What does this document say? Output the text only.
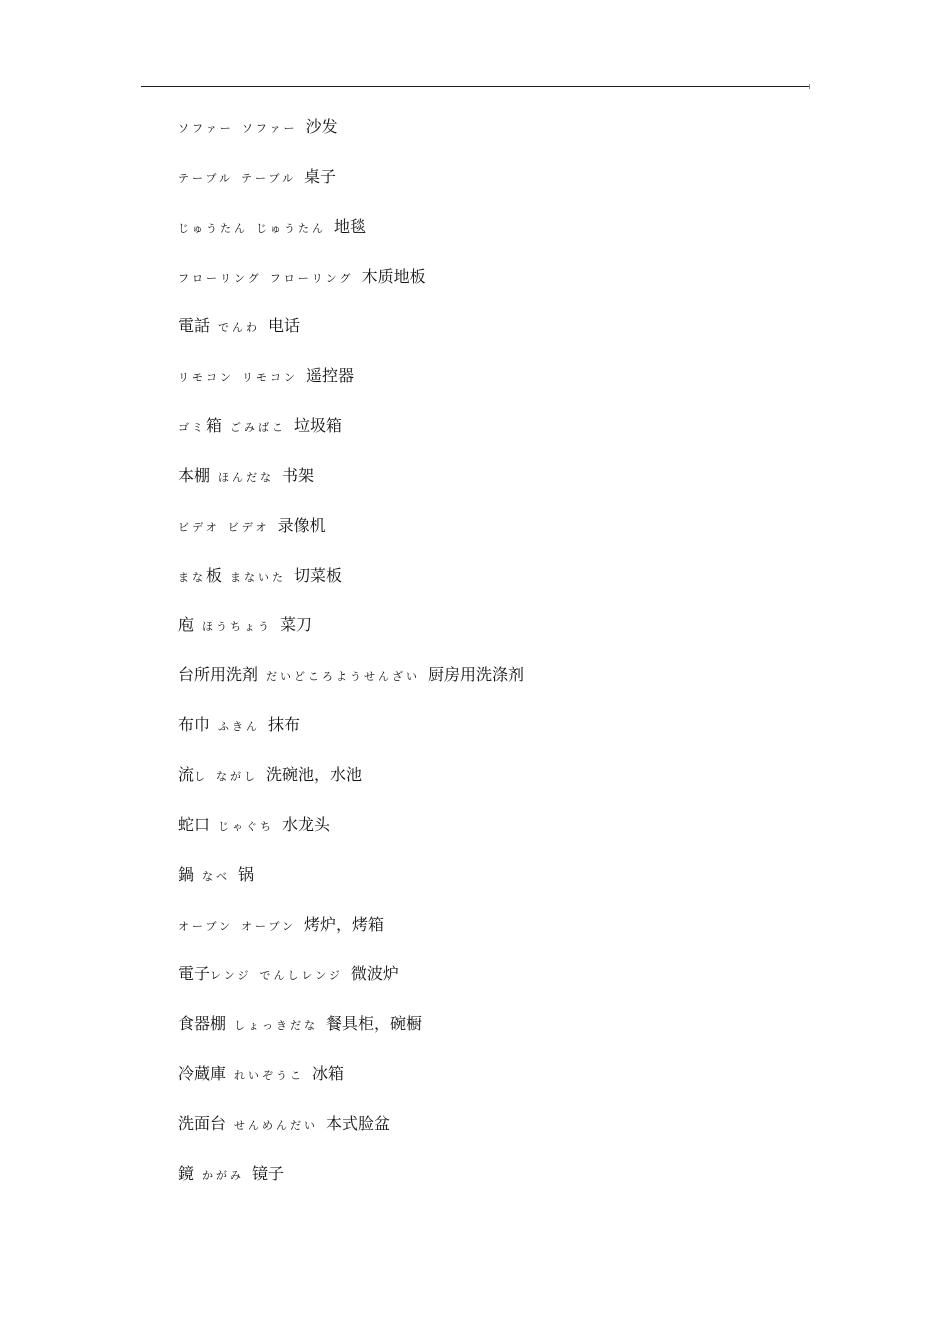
ソファー ソファー 沙发
テーブル テーブル 桌子
じゅうたん じゅうたん 地毯
フローリング フローリング 木质地板
電話 でんわ 电话
リモコン リモコン 遥控器
ゴミ箱 ごみばこ 垃圾箱
本棚 ほんだな 书架
ビデオ ビデオ 录像机
まな板 まないた 切菜板
庖 ほうちょう 菜刀
台所用洗剤 だいどころようせんざい 厨房用洗涤剂
布巾 ふきん 抹布
流し ながし 洗碗池，水池
蛇口 じゃぐち 水龙头
鍋 なべ 锅
オーブン オーブン 烤炉，烤箱
電子レンジ でんしレンジ 微波炉
食器棚 しょっきだな 餐具柜，碗橱
冷蔵庫 れいぞうこ 冰箱
洗面台 せんめんだい 本式脸盆
鏡 かがみ 镜子
